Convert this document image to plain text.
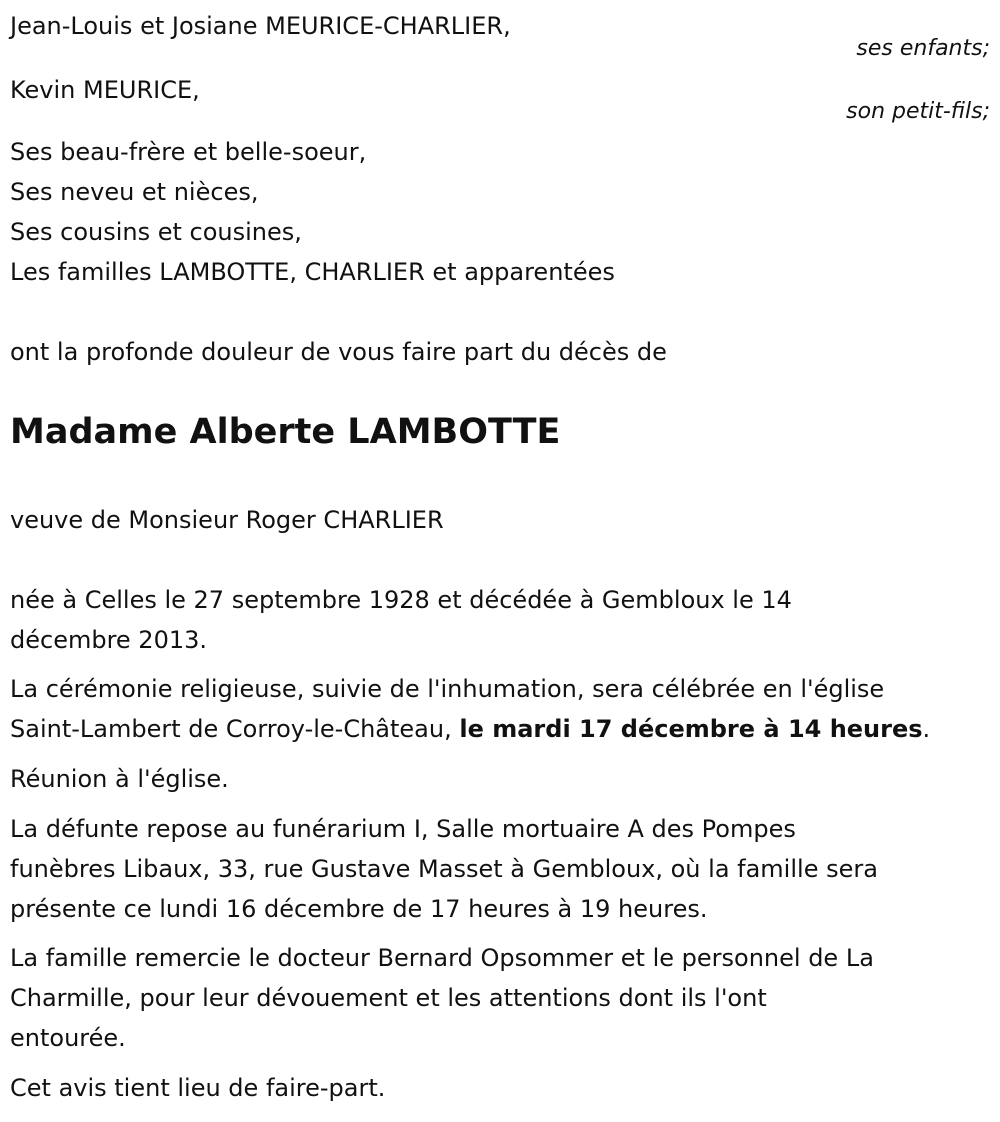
Jean-Louis et Josiane MEURICE-CHARLIER,

ses enfants;

Kevin MEURICE,

son petit-fils;

Ses beau-frère et belle-soeur,

Ses neveu et nièces,

Ses cousins et cousines,

Les familles LAMBOTTE, CHARLIER et apparentées

ont la profonde douleur de vous faire part du décès de

Madame Alberte LAMBOTTE

veuve de Monsieur Roger CHARLIER

née à Celles le 27 septembre 1928 et décédée à Gembloux le 14

décembre 2013.

La cérémonie religieuse, suivie de l'inhumation, sera célébrée en l'église

Saint-Lambert de Corroy-le-Château, le mardi 17 décembre à 14 heures.

Réunion à l'église.

La défunte repose au funérarium I, Salle mortuaire A des Pompes

funèbres Libaux, 33, rue Gustave Masset à Gembloux, où la famille sera

présente ce lundi 16 décembre de 17 heures à 19 heures.

La famille remercie le docteur Bernard Opsommer et le personnel de La

Charmille, pour leur dévouement et les attentions dont ils l'ont

entourée.

Cet avis tient lieu de faire-part.
